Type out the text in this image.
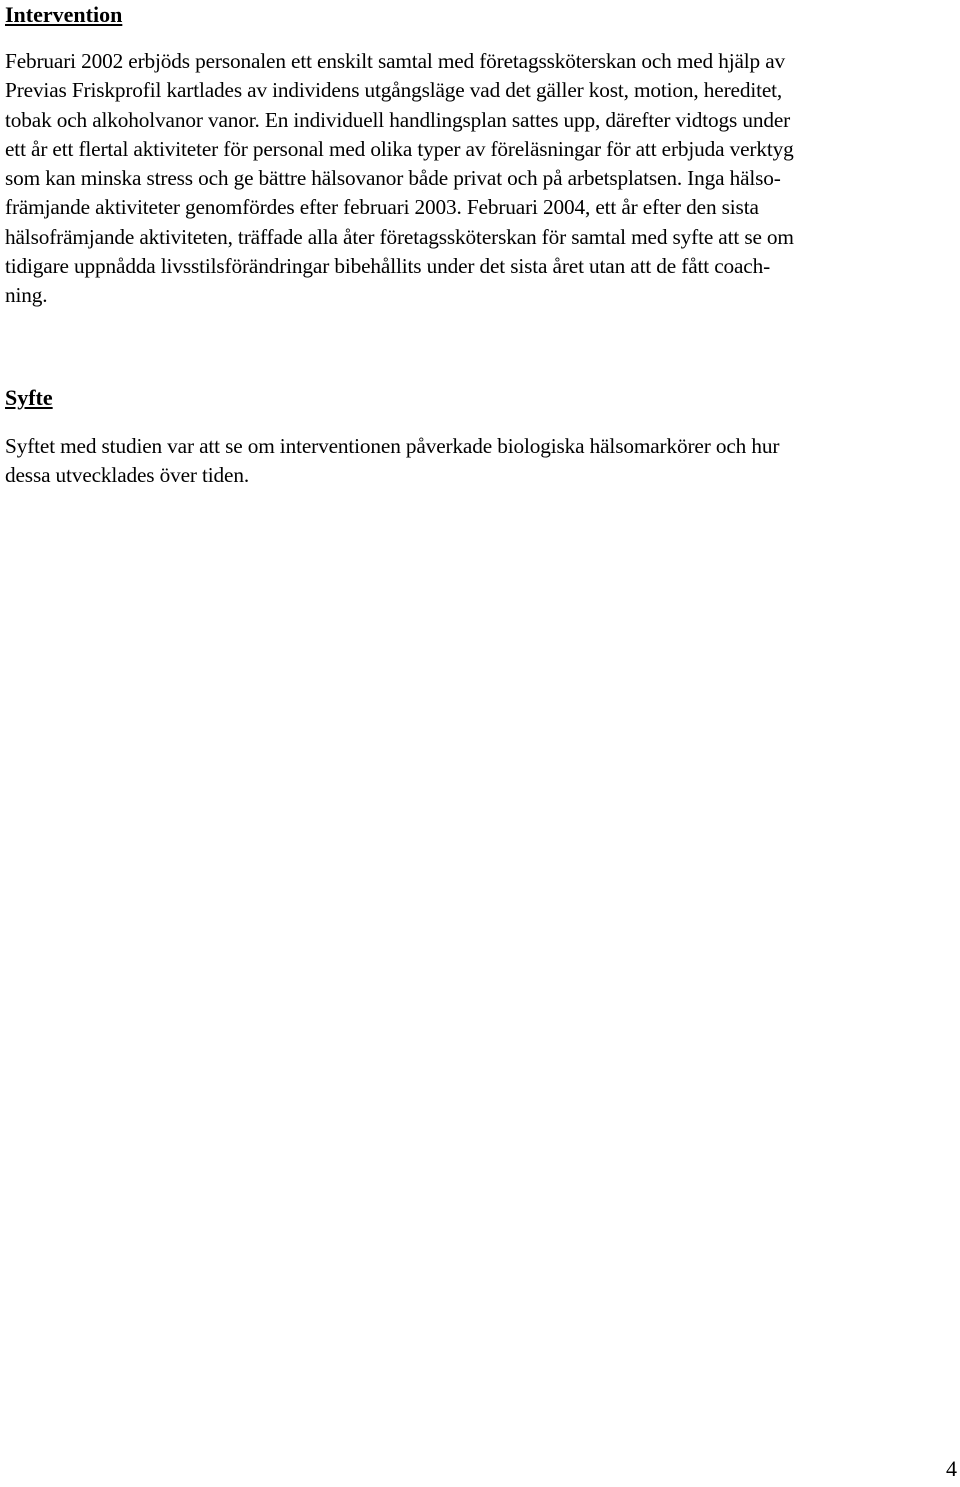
Intervention

Februari 2002 erbjöds personalen ett enskilt samtal med företagssköterskan och med hjälp av
Previas Friskprofil kartlades av individens utgångsläge vad det gäller kost, motion, hereditet,
tobak och alkoholvanor vanor. En individuell handlingsplan sattes upp, därefter vidtogs under
ett år ett flertal aktiviteter för personal med olika typer av föreläsningar för att erbjuda verktyg
som kan minska stress och ge bättre hälsovanor både privat och på arbetsplatsen. Inga hälso-
främjande aktiviteter genomfördes efter februari 2003. Februari 2004, ett år efter den sista
hälsofrämjande aktiviteten, träffade alla åter företagssköterskan för samtal med syfte att se om
tidigare uppnådda livsstilsförändringar bibehållits under det sista året utan att de fått coach-
ning.

Syfte

Syftet med studien var att se om interventionen påverkade biologiska hälsomarkörer och hur
dessa utvecklades över tiden.

4
